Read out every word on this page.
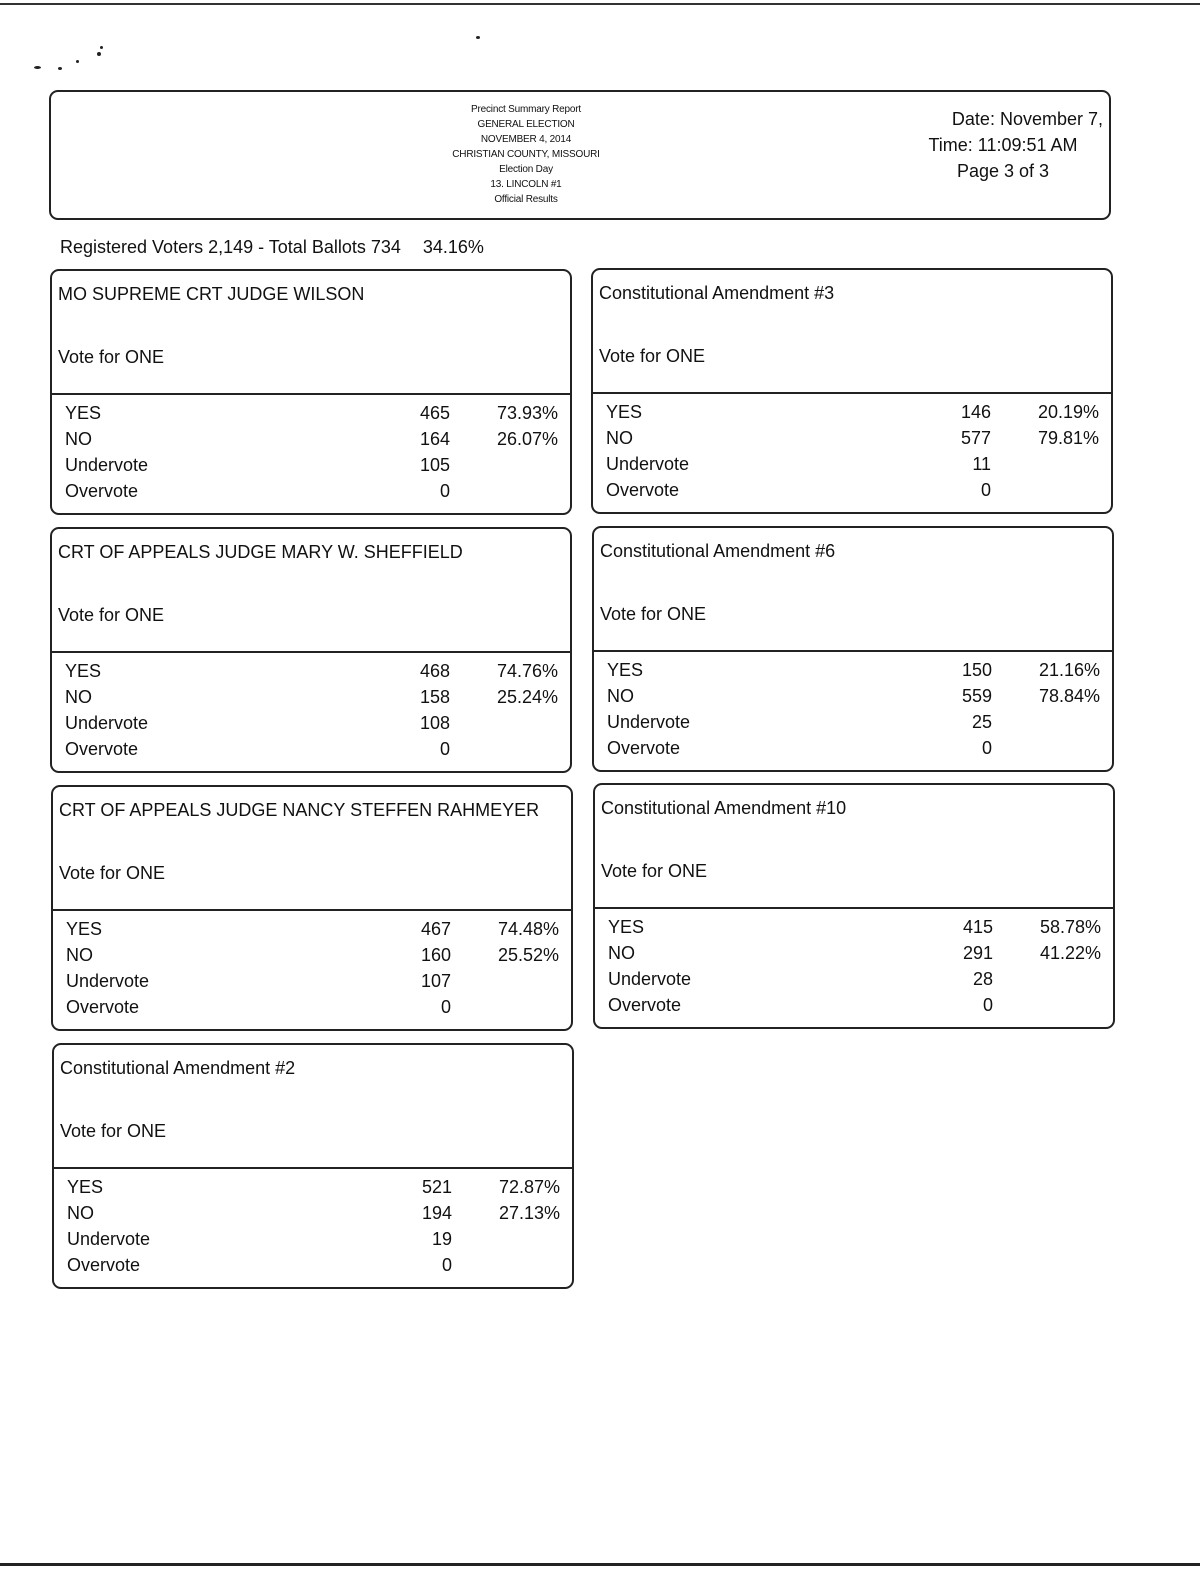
Precinct Summary Report
GENERAL ELECTION
NOVEMBER 4, 2014
CHRISTIAN COUNTY, MISSOURI
Election Day
13. LINCOLN #1
Official Results
Date: November 7,
Time: 11:09:51 AM
Page 3 of 3
Registered Voters 2,149 - Total Ballots 734 34.16%
MO SUPREME CRT JUDGE WILSON
Vote for ONE
YES	465	73.93%
NO	164	26.07%
Undervote	105
Overvote	0
Constitutional Amendment #3
Vote for ONE
YES	146	20.19%
NO	577	79.81%
Undervote	11
Overvote	0
CRT OF APPEALS JUDGE MARY W. SHEFFIELD
Vote for ONE
YES	468	74.76%
NO	158	25.24%
Undervote	108
Overvote	0
Constitutional Amendment #6
Vote for ONE
YES	150	21.16%
NO	559	78.84%
Undervote	25
Overvote	0
CRT OF APPEALS JUDGE NANCY STEFFEN RAHMEYER
Vote for ONE
YES	467	74.48%
NO	160	25.52%
Undervote	107
Overvote	0
Constitutional Amendment #10
Vote for ONE
YES	415	58.78%
NO	291	41.22%
Undervote	28
Overvote	0
Constitutional Amendment #2
Vote for ONE
YES	521	72.87%
NO	194	27.13%
Undervote	19
Overvote	0
